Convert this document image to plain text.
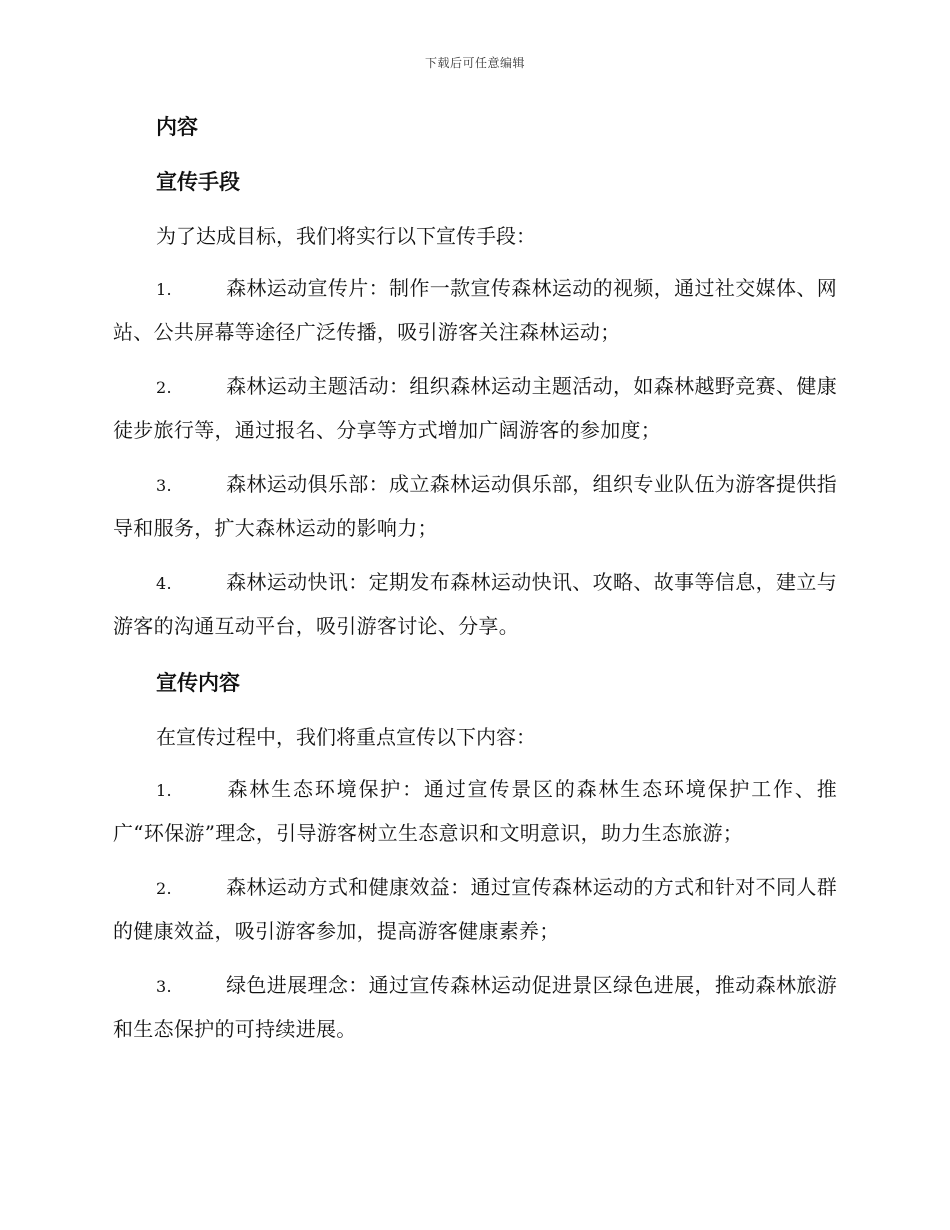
下载后可任意编辑
内容
宣传手段

为了达成目标，我们将实行以下宣传手段：

1.	森林运动宣传片：制作一款宣传森林运动的视频，通过社交媒体、网站、公共屏幕等途径广泛传播，吸引游客关注森林运动；

2.	森林运动主题活动：组织森林运动主题活动，如森林越野竞赛、健康徒步旅行等，通过报名、分享等方式增加广阔游客的参加度；

3.	森林运动俱乐部：成立森林运动俱乐部，组织专业队伍为游客提供指导和服务，扩大森林运动的影响力；

4.	森林运动快讯：定期发布森林运动快讯、攻略、故事等信息，建立与游客的沟通互动平台，吸引游客讨论、分享。

宣传内容

在宣传过程中，我们将重点宣传以下内容：

1.	森林生态环境保护：通过宣传景区的森林生态环境保护工作、推广“环保游”理念，引导游客树立生态意识和文明意识，助力生态旅游；

2.	森林运动方式和健康效益：通过宣传森林运动的方式和针对不同人群的健康效益，吸引游客参加，提高游客健康素养；

3.	绿色进展理念：通过宣传森林运动促进景区绿色进展，推动森林旅游和生态保护的可持续进展。
